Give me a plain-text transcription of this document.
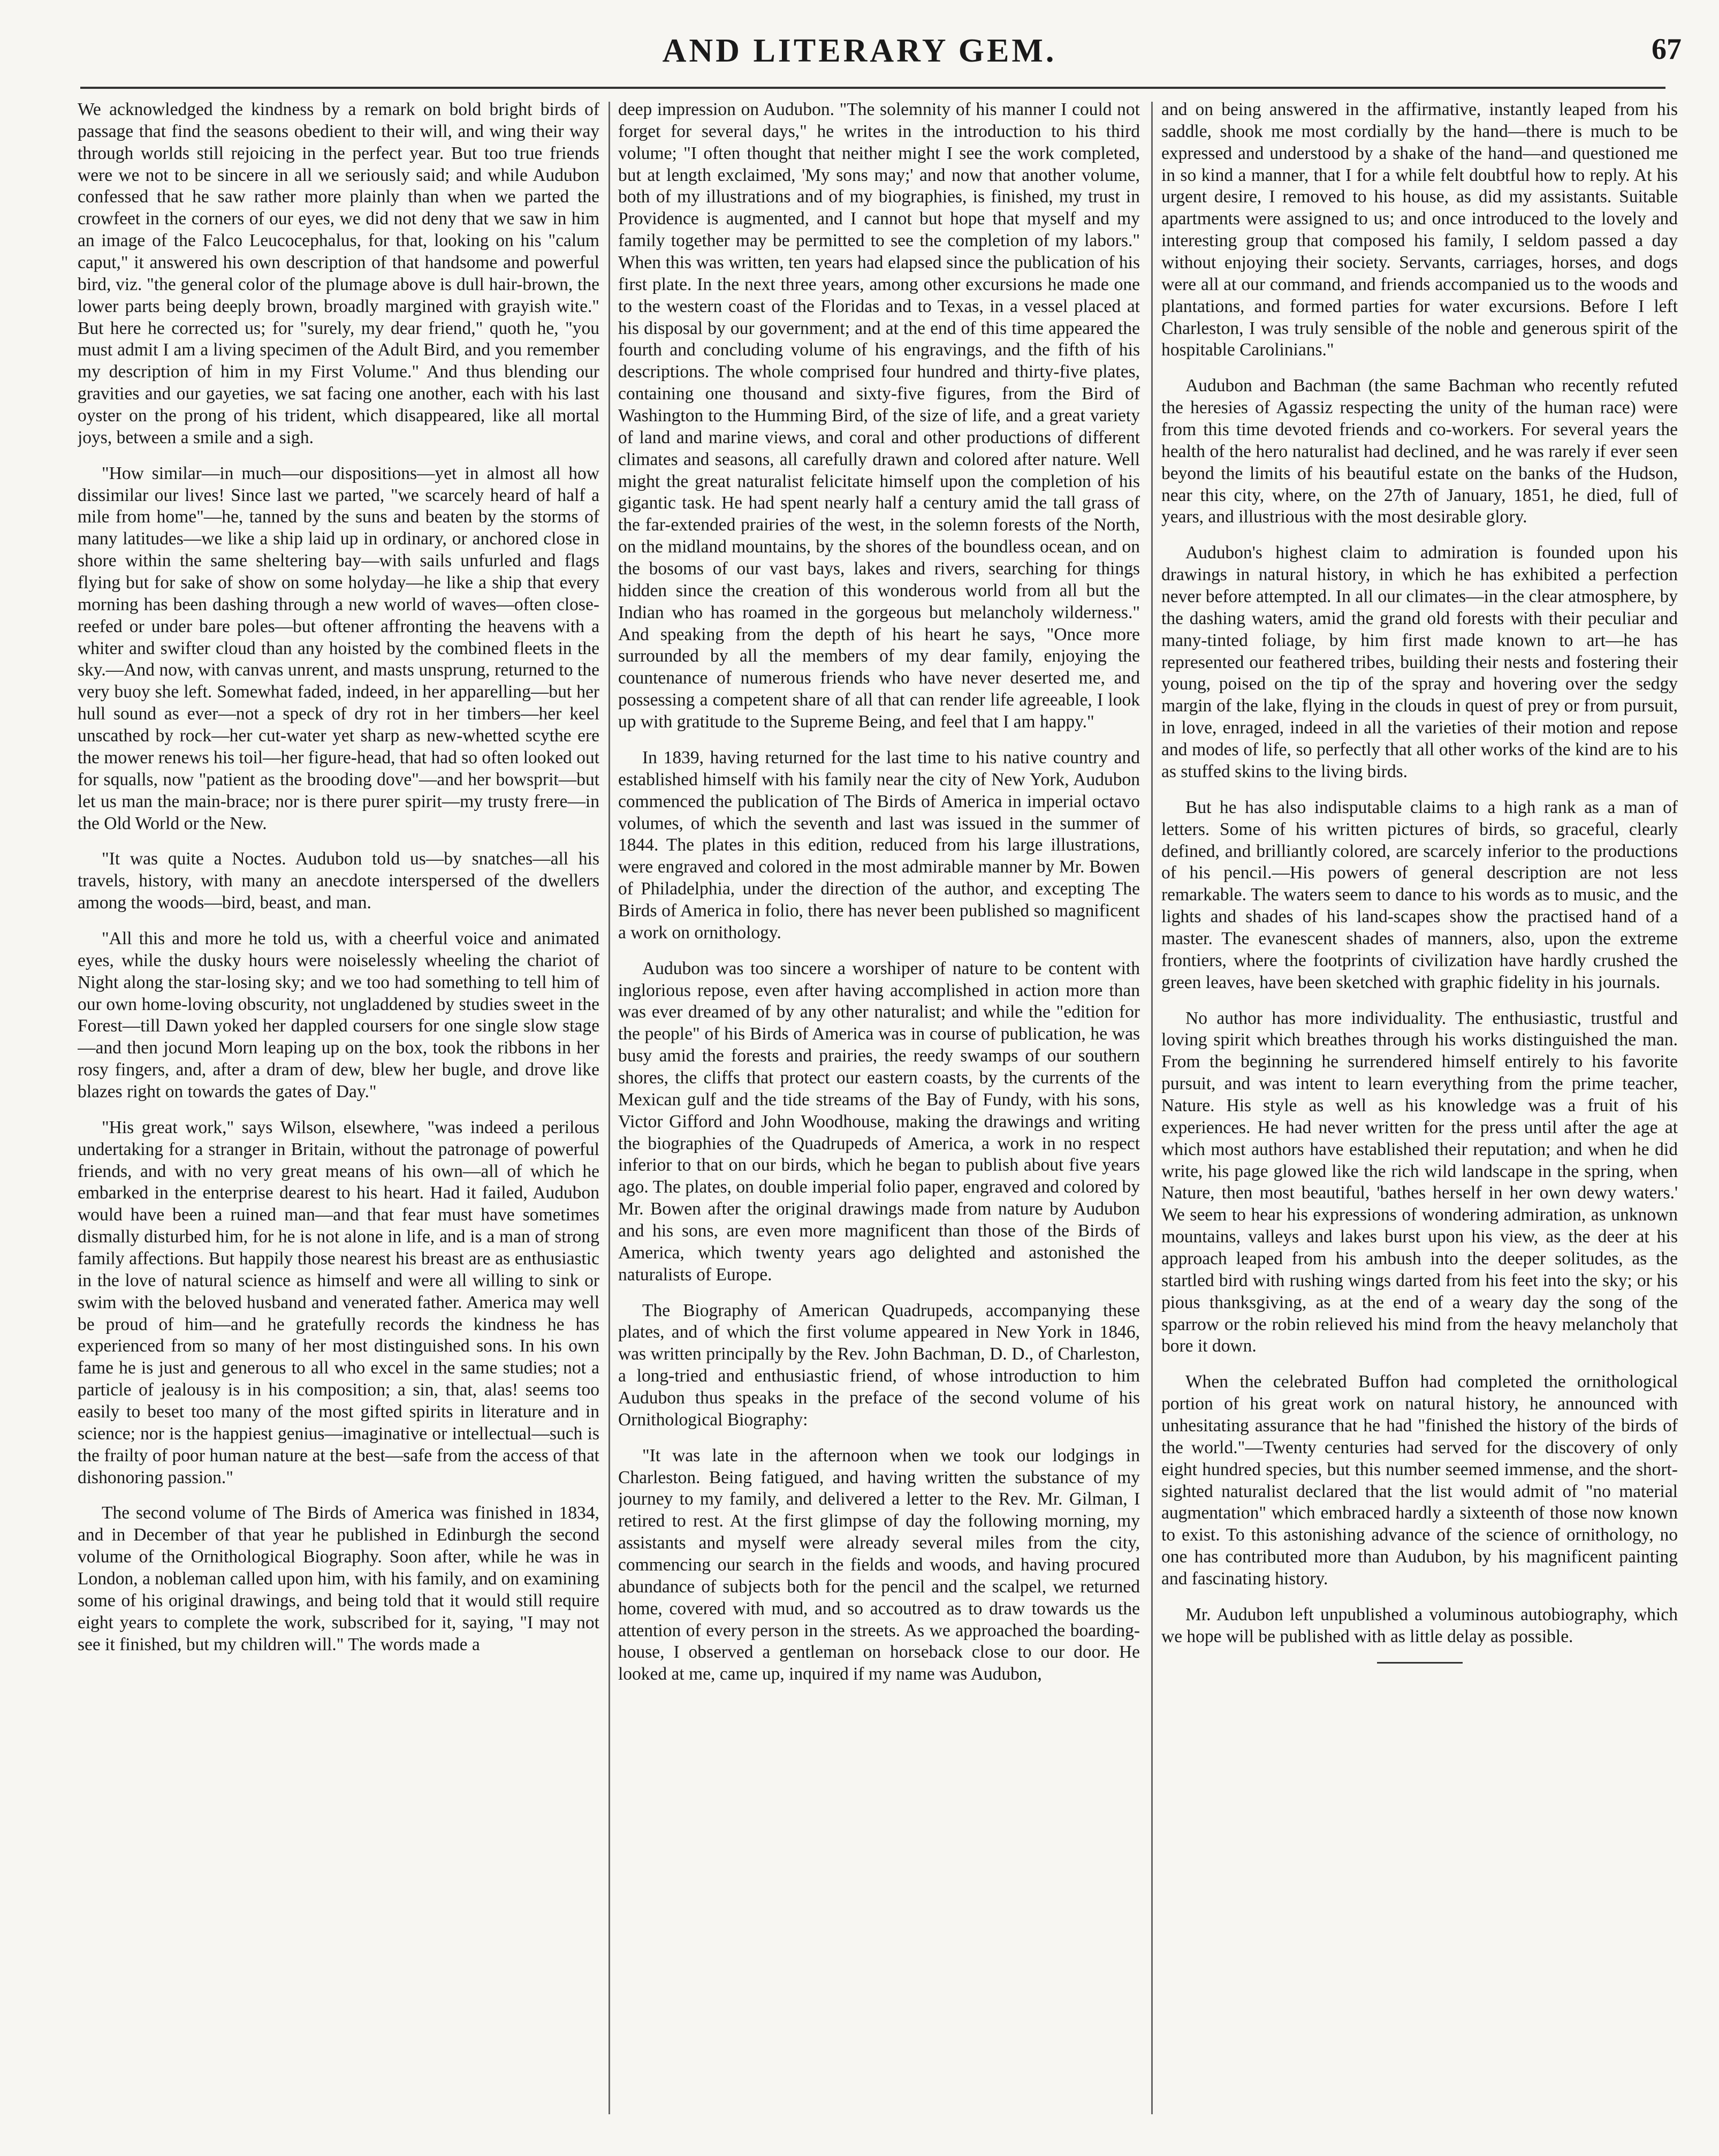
AND LITERARY GEM.	67

We acknowledged the kindness by a remark on bold bright birds of passage that find the seasons obedient to their will, and wing their way through worlds still rejoicing in the perfect year. But too true friends were we not to be sincere in all we seriously said; and while Audubon confessed that he saw rather more plainly than when we parted the crowfeet in the corners of our eyes, we did not deny that we saw in him an image of the Falco Leucocephalus, for that, looking on his "calum caput," it answered his own description of that handsome and powerful bird, viz. "the general color of the plumage above is dull hair-brown, the lower parts being deeply brown, broadly margined with grayish wite." But here he corrected us; for "surely, my dear friend," quoth he, "you must admit I am a living specimen of the Adult Bird, and you remember my description of him in my First Volume." And thus blending our gravities and our gayeties, we sat facing one another, each with his last oyster on the prong of his trident, which disappeared, like all mortal joys, between a smile and a sigh.

"How similar—in much—our dispositions—yet in almost all how dissimilar our lives! Since last we parted, "we scarcely heard of half a mile from home"—he, tanned by the suns and beaten by the storms of many latitudes—we like a ship laid up in ordinary, or anchored close in shore within the same sheltering bay—with sails unfurled and flags flying but for sake of show on some holyday—he like a ship that every morning has been dashing through a new world of waves—often close-reefed or under bare poles—but oftener affronting the heavens with a whiter and swifter cloud than any hoisted by the combined fleets in the sky.—And now, with canvas unrent, and masts unsprung, returned to the very buoy she left. Somewhat faded, indeed, in her apparelling—but her hull sound as ever—not a speck of dry rot in her timbers—her keel unscathed by rock—her cut-water yet sharp as new-whetted scythe ere the mower renews his toil—her figure-head, that had so often looked out for squalls, now "patient as the brooding dove"—and her bowsprit—but let us man the main-brace; nor is there purer spirit—my trusty frere—in the Old World or the New.

"It was quite a Noctes. Audubon told us—by snatches—all his travels, history, with many an anecdote interspersed of the dwellers among the woods—bird, beast, and man.

"All this and more he told us, with a cheerful voice and animated eyes, while the dusky hours were noiselessly wheeling the chariot of Night along the star-losing sky; and we too had something to tell him of our own home-loving obscurity, not ungladdened by studies sweet in the Forest—till Dawn yoked her dappled coursers for one single slow stage—and then jocund Morn leaping up on the box, took the ribbons in her rosy fingers, and, after a dram of dew, blew her bugle, and drove like blazes right on towards the gates of Day."

"His great work," says Wilson, elsewhere, "was indeed a perilous undertaking for a stranger in Britain, without the patronage of powerful friends, and with no very great means of his own—all of which he embarked in the enterprise dearest to his heart. Had it failed, Audubon would have been a ruined man—and that fear must have sometimes dismally disturbed him, for he is not alone in life, and is a man of strong family affections. But happily those nearest his breast are as enthusiastic in the love of natural science as himself and were all willing to sink or swim with the beloved husband and venerated father. America may well be proud of him—and he gratefully records the kindness he has experienced from so many of her most distinguished sons. In his own fame he is just and generous to all who excel in the same studies; not a particle of jealousy is in his composition; a sin, that, alas! seems too easily to beset too many of the most gifted spirits in literature and in science; nor is the happiest genius—imaginative or intellectual—such is the frailty of poor human nature at the best—safe from the access of that dishonoring passion."

The second volume of The Birds of America was finished in 1834, and in December of that year he published in Edinburgh the second volume of the Ornithological Biography. Soon after, while he was in London, a nobleman called upon him, with his family, and on examining some of his original drawings, and being told that it would still require eight years to complete the work, subscribed for it, saying, "I may not see it finished, but my children will." The words made a

deep impression on Audubon. "The solemnity of his manner I could not forget for several days," he writes in the introduction to his third volume; "I often thought that neither might I see the work completed, but at length exclaimed, 'My sons may;' and now that another volume, both of my illustrations and of my biographies, is finished, my trust in Providence is augmented, and I cannot but hope that myself and my family together may be permitted to see the completion of my labors." When this was written, ten years had elapsed since the publication of his first plate. In the next three years, among other excursions he made one to the western coast of the Floridas and to Texas, in a vessel placed at his disposal by our government; and at the end of this time appeared the fourth and concluding volume of his engravings, and the fifth of his descriptions. The whole comprised four hundred and thirty-five plates, containing one thousand and sixty-five figures, from the Bird of Washington to the Humming Bird, of the size of life, and a great variety of land and marine views, and coral and other productions of different climates and seasons, all carefully drawn and colored after nature. Well might the great naturalist felicitate himself upon the completion of his gigantic task. He had spent nearly half a century amid the tall grass of the far-extended prairies of the west, in the solemn forests of the North, on the midland mountains, by the shores of the boundless ocean, and on the bosoms of our vast bays, lakes and rivers, searching for things hidden since the creation of this wonderous world from all but the Indian who has roamed in the gorgeous but melancholy wilderness." And speaking from the depth of his heart he says, "Once more surrounded by all the members of my dear family, enjoying the countenance of numerous friends who have never deserted me, and possessing a competent share of all that can render life agreeable, I look up with gratitude to the Supreme Being, and feel that I am happy."

In 1839, having returned for the last time to his native country and established himself with his family near the city of New York, Audubon commenced the publication of The Birds of America in imperial octavo volumes, of which the seventh and last was issued in the summer of 1844. The plates in this edition, reduced from his large illustrations, were engraved and colored in the most admirable manner by Mr. Bowen of Philadelphia, under the direction of the author, and excepting The Birds of America in folio, there has never been published so magnificent a work on ornithology.

Audubon was too sincere a worshiper of nature to be content with inglorious repose, even after having accomplished in action more than was ever dreamed of by any other naturalist; and while the "edition for the people" of his Birds of America was in course of publication, he was busy amid the forests and prairies, the reedy swamps of our southern shores, the cliffs that protect our eastern coasts, by the currents of the Mexican gulf and the tide streams of the Bay of Fundy, with his sons, Victor Gifford and John Woodhouse, making the drawings and writing the biographies of the Quadrupeds of America, a work in no respect inferior to that on our birds, which he began to publish about five years ago. The plates, on double imperial folio paper, engraved and colored by Mr. Bowen after the original drawings made from nature by Audubon and his sons, are even more magnificent than those of the Birds of America, which twenty years ago delighted and astonished the naturalists of Europe.

The Biography of American Quadrupeds, accompanying these plates, and of which the first volume appeared in New York in 1846, was written principally by the Rev. John Bachman, D. D., of Charleston, a long-tried and enthusiastic friend, of whose introduction to him Audubon thus speaks in the preface of the second volume of his Ornithological Biography:

"It was late in the afternoon when we took our lodgings in Charleston. Being fatigued, and having written the substance of my journey to my family, and delivered a letter to the Rev. Mr. Gilman, I retired to rest. At the first glimpse of day the following morning, my assistants and myself were already several miles from the city, commencing our search in the fields and woods, and having procured abundance of subjects both for the pencil and the scalpel, we returned home, covered with mud, and so accoutred as to draw towards us the attention of every person in the streets. As we approached the boarding-house, I observed a gentleman on horseback close to our door. He looked at me, came up, inquired if my name was Audubon,

and on being answered in the affirmative, instantly leaped from his saddle, shook me most cordially by the hand—there is much to be expressed and understood by a shake of the hand—and questioned me in so kind a manner, that I for a while felt doubtful how to reply. At his urgent desire, I removed to his house, as did my assistants. Suitable apartments were assigned to us; and once introduced to the lovely and interesting group that composed his family, I seldom passed a day without enjoying their society. Servants, carriages, horses, and dogs were all at our command, and friends accompanied us to the woods and plantations, and formed parties for water excursions. Before I left Charleston, I was truly sensible of the noble and generous spirit of the hospitable Carolinians."

Audubon and Bachman (the same Bachman who recently refuted the heresies of Agassiz respecting the unity of the human race) were from this time devoted friends and co-workers. For several years the health of the hero naturalist had declined, and he was rarely if ever seen beyond the limits of his beautiful estate on the banks of the Hudson, near this city, where, on the 27th of January, 1851, he died, full of years, and illustrious with the most desirable glory.

Audubon's highest claim to admiration is founded upon his drawings in natural history, in which he has exhibited a perfection never before attempted. In all our climates—in the clear atmosphere, by the dashing waters, amid the grand old forests with their peculiar and many-tinted foliage, by him first made known to art—he has represented our feathered tribes, building their nests and fostering their young, poised on the tip of the spray and hovering over the sedgy margin of the lake, flying in the clouds in quest of prey or from pursuit, in love, enraged, indeed in all the varieties of their motion and repose and modes of life, so perfectly that all other works of the kind are to his as stuffed skins to the living birds.

But he has also indisputable claims to a high rank as a man of letters. Some of his written pictures of birds, so graceful, clearly defined, and brilliantly colored, are scarcely inferior to the productions of his pencil.—His powers of general description are not less remarkable. The waters seem to dance to his words as to music, and the lights and shades of his land-scapes show the practised hand of a master. The evanescent shades of manners, also, upon the extreme frontiers, where the footprints of civilization have hardly crushed the green leaves, have been sketched with graphic fidelity in his journals.

No author has more individuality. The enthusiastic, trustful and loving spirit which breathes through his works distinguished the man. From the beginning he surrendered himself entirely to his favorite pursuit, and was intent to learn everything from the prime teacher, Nature. His style as well as his knowledge was a fruit of his experiences. He had never written for the press until after the age at which most authors have established their reputation; and when he did write, his page glowed like the rich wild landscape in the spring, when Nature, then most beautiful, 'bathes herself in her own dewy waters.' We seem to hear his expressions of wondering admiration, as unknown mountains, valleys and lakes burst upon his view, as the deer at his approach leaped from his ambush into the deeper solitudes, as the startled bird with rushing wings darted from his feet into the sky; or his pious thanksgiving, as at the end of a weary day the song of the sparrow or the robin relieved his mind from the heavy melancholy that bore it down.

When the celebrated Buffon had completed the ornithological portion of his great work on natural history, he announced with unhesitating assurance that he had "finished the history of the birds of the world."—Twenty centuries had served for the discovery of only eight hundred species, but this number seemed immense, and the short-sighted naturalist declared that the list would admit of "no material augmentation" which embraced hardly a sixteenth of those now known to exist. To this astonishing advance of the science of ornithology, no one has contributed more than Audubon, by his magnificent painting and fascinating history.

Mr. Audubon left unpublished a voluminous autobiography, which we hope will be published with as little delay as possible.
